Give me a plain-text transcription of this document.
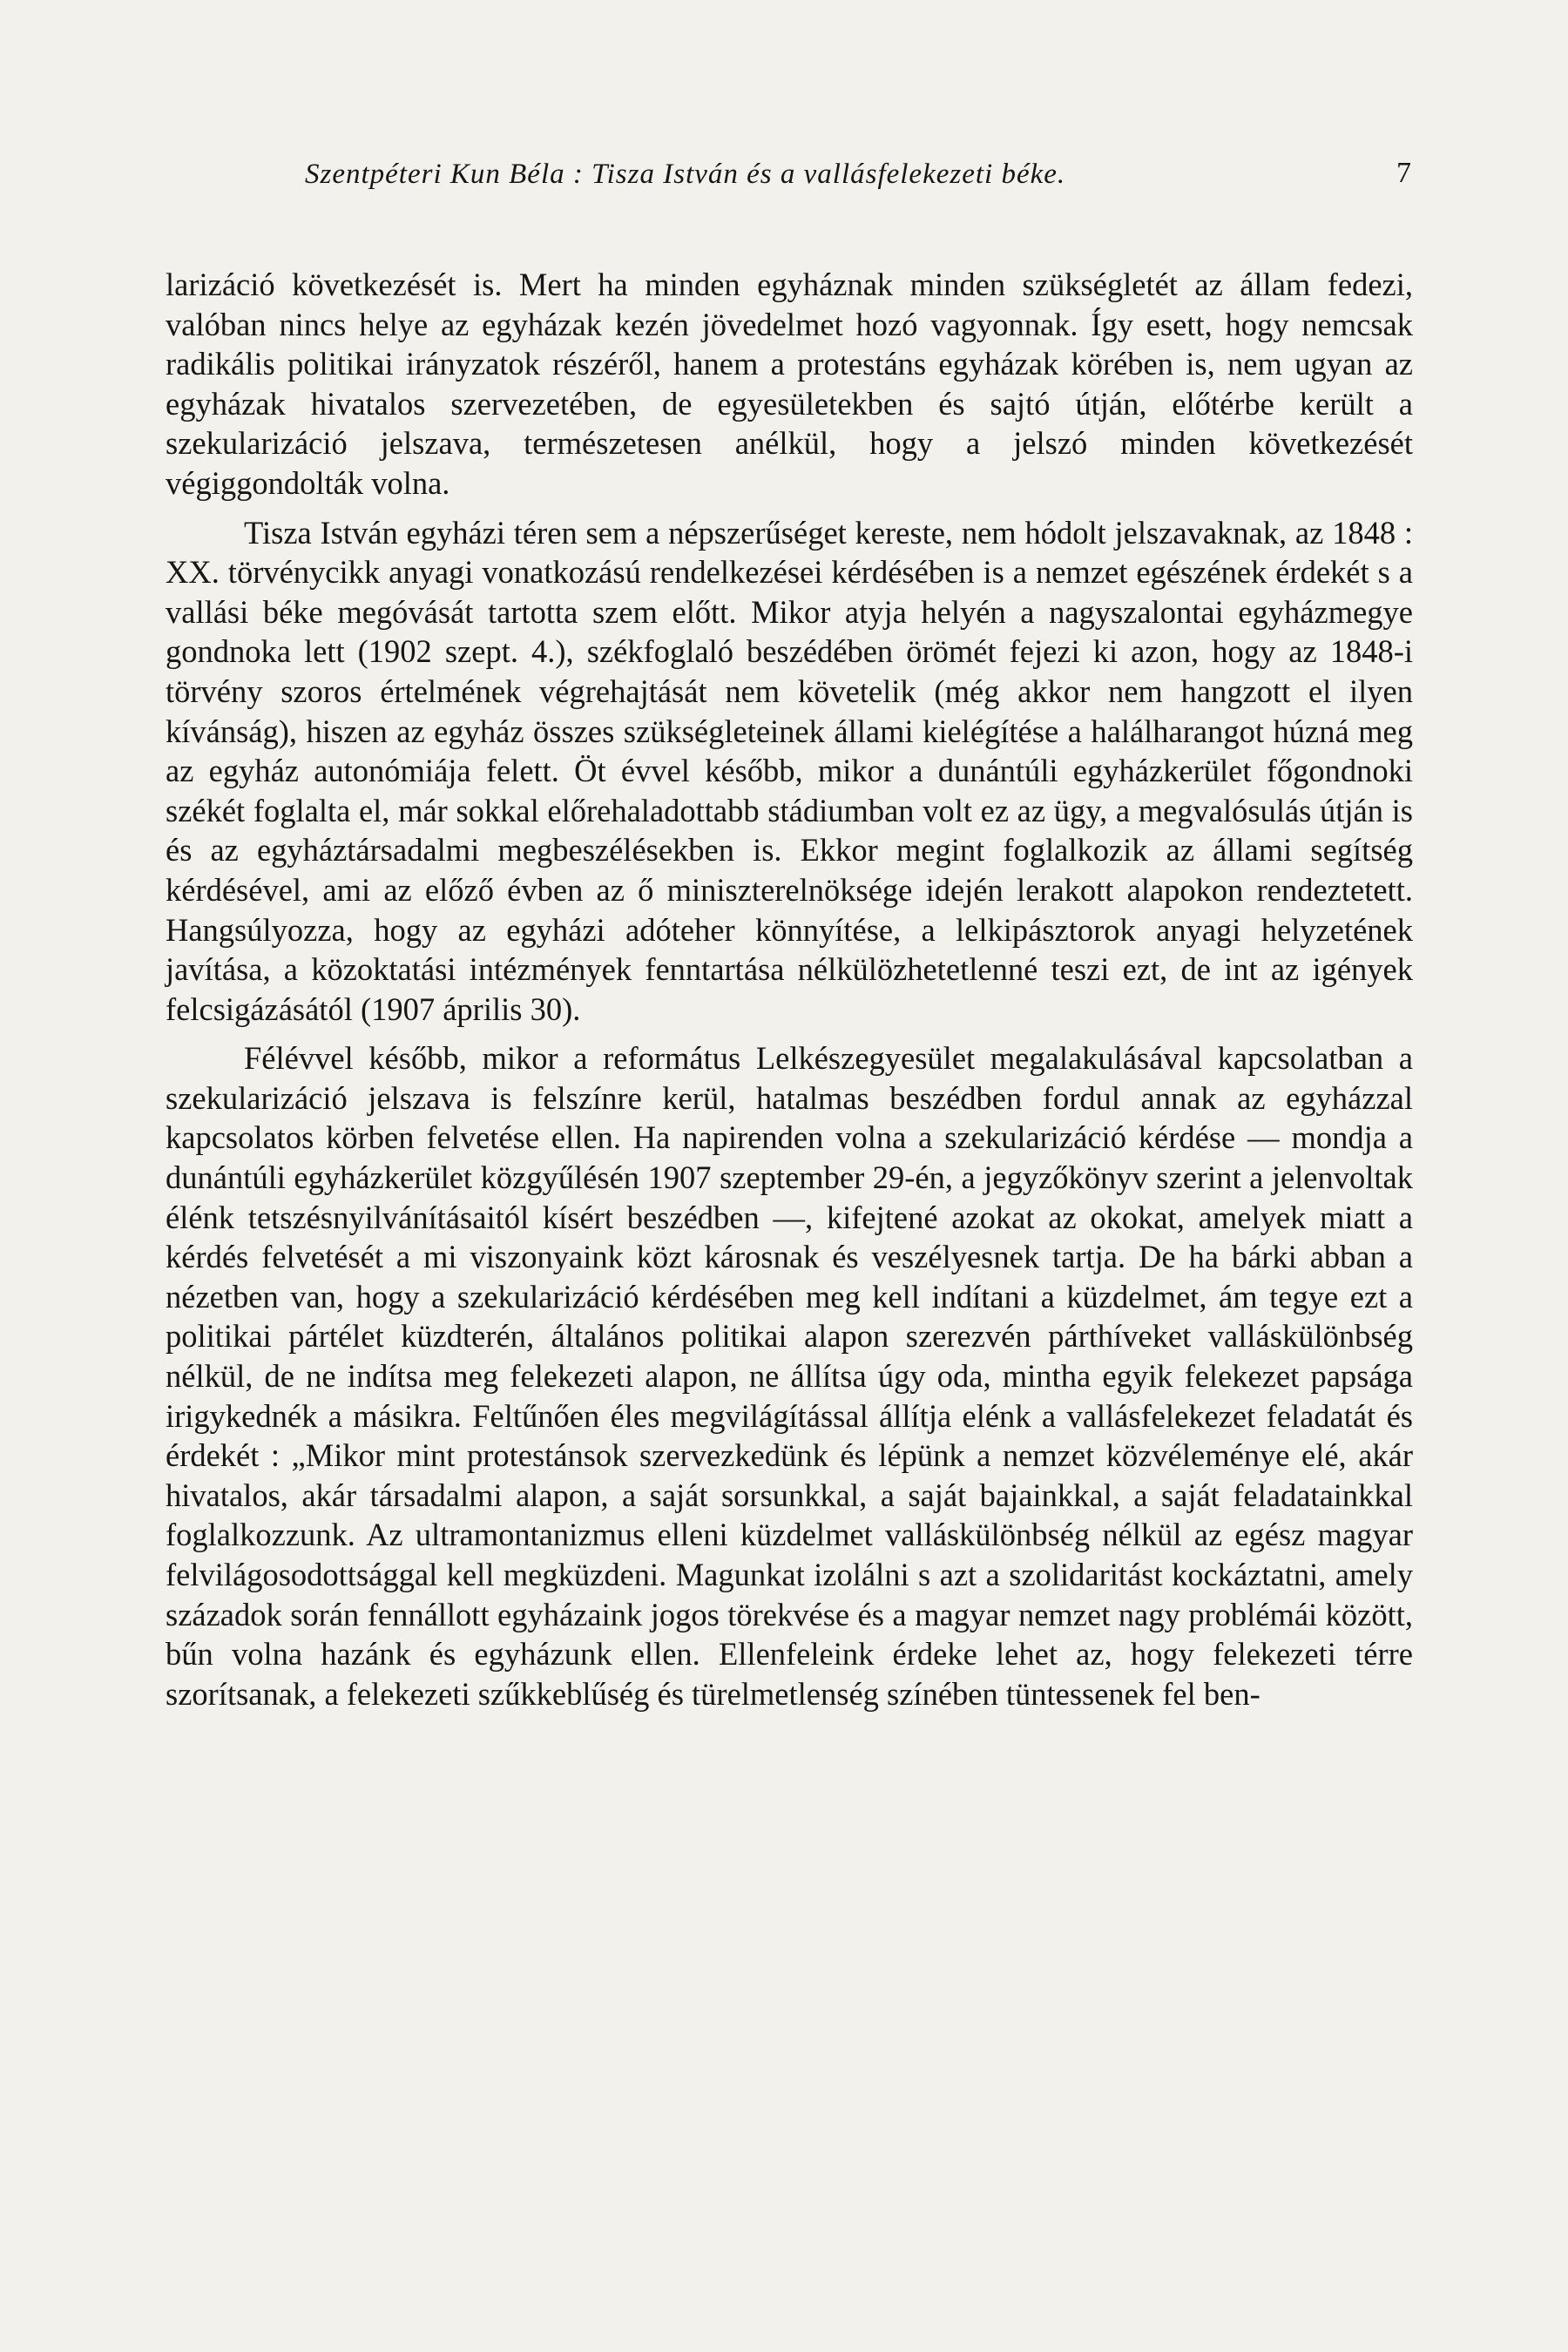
Szentpéteri Kun Béla : Tisza István és a vallásfelekezeti béke.	7

larizáció következését is. Mert ha minden egyháznak minden szükségletét az állam fedezi, valóban nincs helye az egyházak kezén jövedelmet hozó vagyonnak. Így esett, hogy nemcsak radikális politikai irányzatok részéről, hanem a protestáns egyházak körében is, nem ugyan az egyházak hivatalos szervezetében, de egyesületekben és sajtó útján, előtérbe került a szekularizáció jelszava, természetesen anélkül, hogy a jelszó minden következését végiggondolták volna.

Tisza István egyházi téren sem a népszerűséget kereste, nem hódolt jelszavaknak, az 1848 : XX. törvénycikk anyagi vonatkozású rendelkezései kérdésében is a nemzet egészének érdekét s a vallási béke megóvását tartotta szem előtt. Mikor atyja helyén a nagyszalontai egyházmegye gondnoka lett (1902 szept. 4.), székfoglaló beszédében örömét fejezi ki azon, hogy az 1848-i törvény szoros értelmének végrehajtását nem követelik (még akkor nem hangzott el ilyen kívánság), hiszen az egyház összes szükségleteinek állami kielégítése a halálharangot húzná meg az egyház autonómiája felett. Öt évvel később, mikor a dunántúli egyházkerület főgondnoki székét foglalta el, már sokkal előrehaladottabb stádiumban volt ez az ügy, a megvalósulás útján is és az egyháztársadalmi megbeszélésekben is. Ekkor megint foglalkozik az állami segítség kérdésével, ami az előző évben az ő miniszterelnöksége idején lerakott alapokon rendeztetett. Hangsúlyozza, hogy az egyházi adóteher könnyítése, a lelkipásztorok anyagi helyzetének javítása, a közoktatási intézmények fenntartása nélkülözhetetlenné teszi ezt, de int az igények felcsigázásától (1907 április 30).

Félévvel később, mikor a református Lelkészegyesület megalakulásával kapcsolatban a szekularizáció jelszava is felszínre kerül, hatalmas beszédben fordul annak az egyházzal kapcsolatos körben felvetése ellen. Ha napirenden volna a szekularizáció kérdése — mondja a dunántúli egyházkerület közgyűlésén 1907 szeptember 29-én, a jegyzőkönyv szerint a jelenvoltak élénk tetszésnyilvánításaitól kísért beszédben —, kifejtené azokat az okokat, amelyek miatt a kérdés felvetését a mi viszonyaink közt károsnak és veszélyesnek tartja. De ha bárki abban a nézetben van, hogy a szekularizáció kérdésében meg kell indítani a küzdelmet, ám tegye ezt a politikai pártélet küzdterén, általános politikai alapon szerezvén párthíveket valláskülönbség nélkül, de ne indítsa meg felekezeti alapon, ne állítsa úgy oda, mintha egyik felekezet papsága irigykednék a másikra. Feltűnően éles megvilágítással állítja elénk a vallásfelekezet feladatát és érdekét : „Mikor mint protestánsok szervezkedünk és lépünk a nemzet közvéleménye elé, akár hivatalos, akár társadalmi alapon, a saját sorsunkkal, a saját bajainkkal, a saját feladatainkkal foglalkozzunk. Az ultramontanizmus elleni küzdelmet valláskülönbség nélkül az egész magyar felvilágosodottsággal kell megküzdeni. Magunkat izolálni s azt a szolidaritást kockáztatni, amely századok során fennállott egyházaink jogos törekvése és a magyar nemzet nagy problémái között, bűn volna hazánk és egyházunk ellen. Ellenfeleink érdeke lehet az, hogy felekezeti térre szorítsanak, a felekezeti szűkkeblűség és türelmetlenség színében tüntessenek fel ben-
